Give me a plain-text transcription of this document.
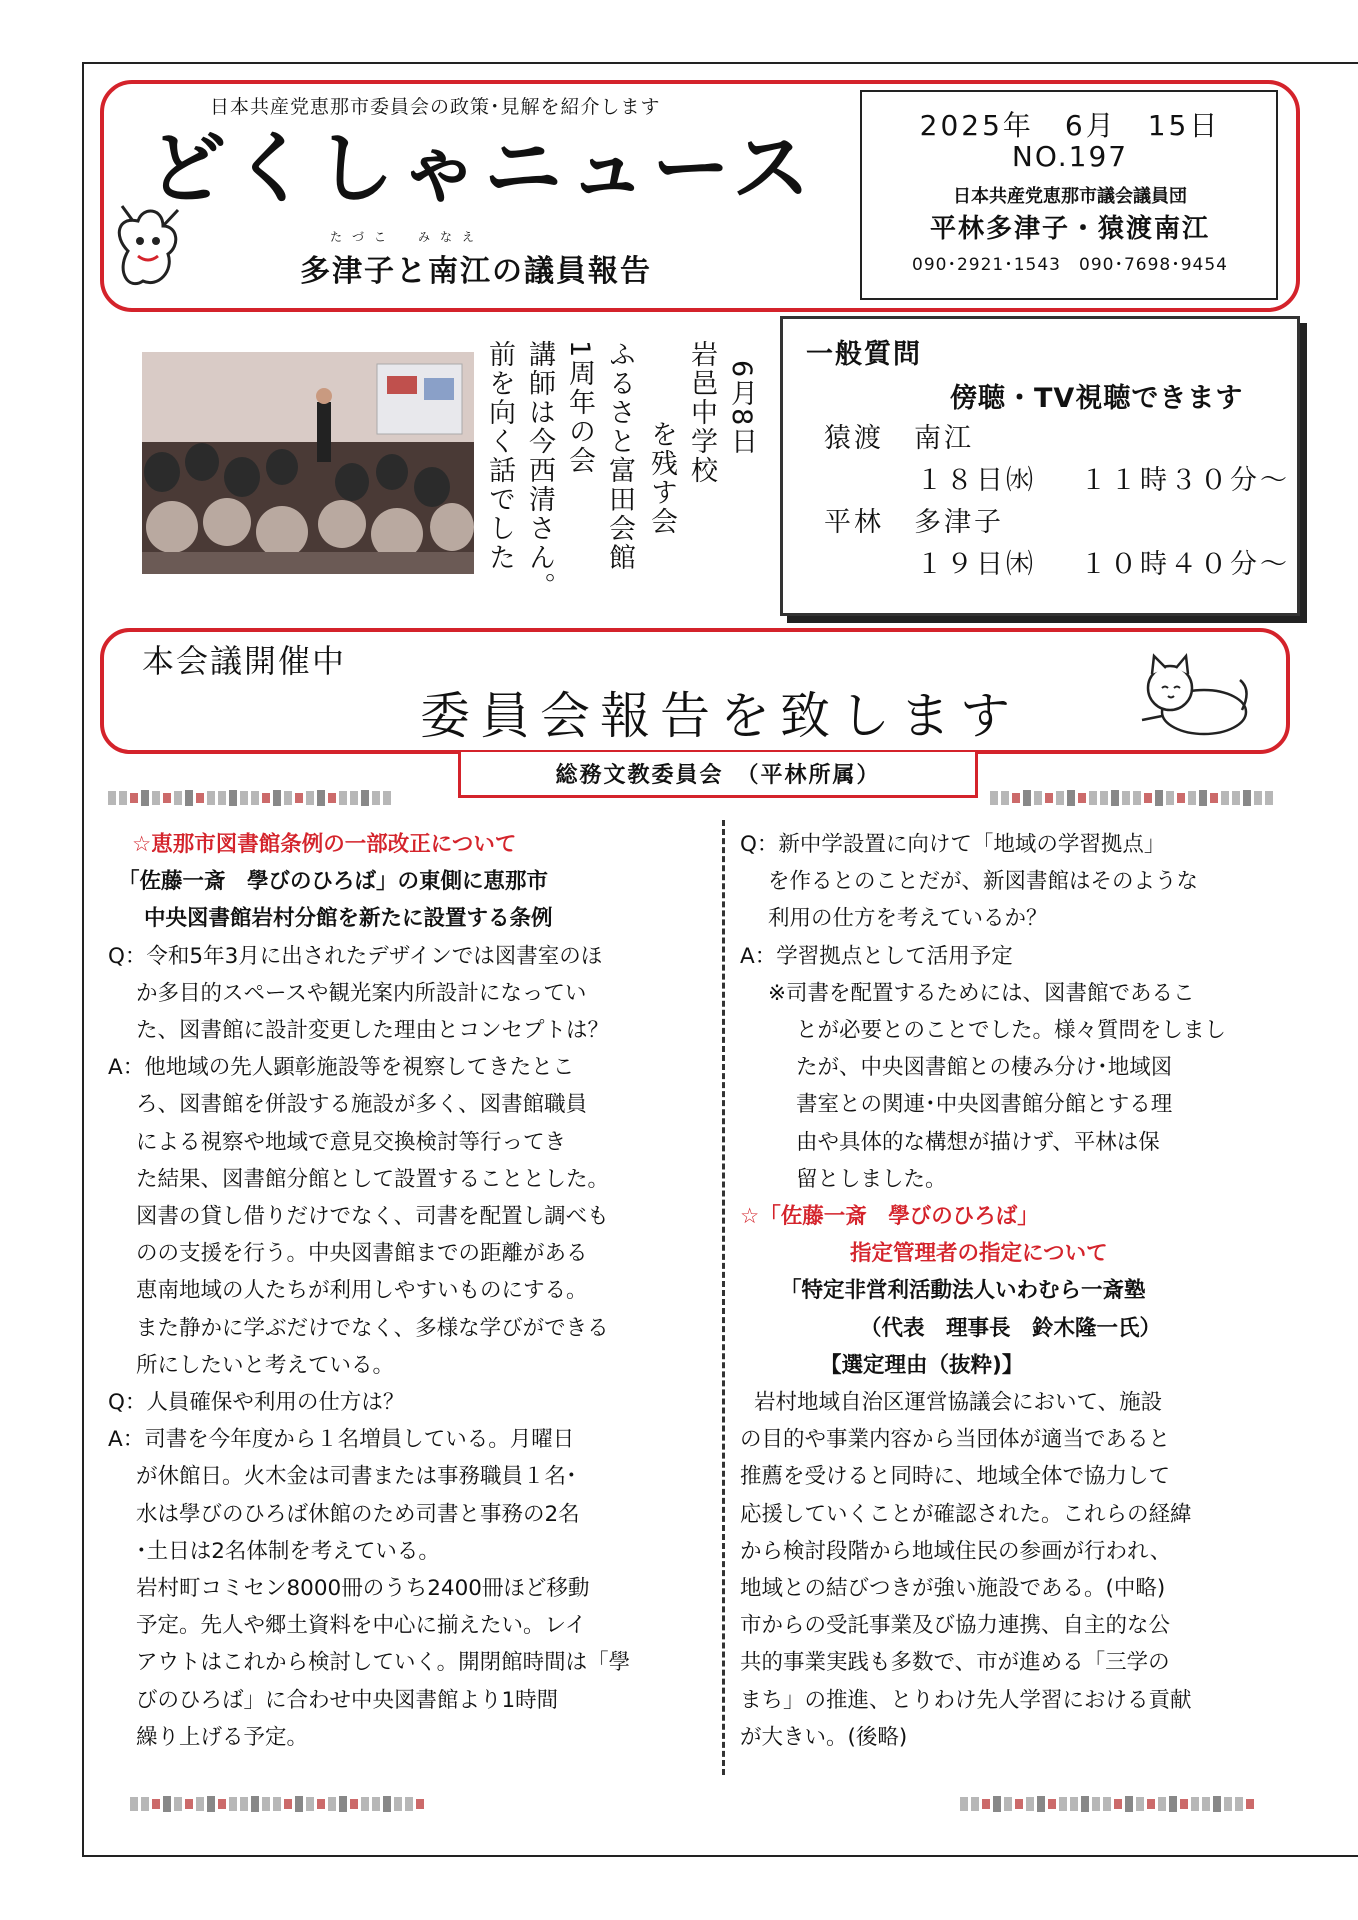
日本共産党恵那市委員会の政策･見解を紹介します
どくしゃニュース
たづこ　みなえ
多津子と南江の議員報告
2025年　6月　15日
NO.197
日本共産党恵那市議会議員団
平林多津子・猿渡南江
090･2921･1543　 090･7698･9454
6月8日
岩邑中学校
を残す会
ふるさと富田会館
1周年の会
講師は今西清さん。
前を向く話でした	一般質問
傍聴・TV視聴できます
猿渡　南江
１８日㈬ １１時３０分～
平林　多津子
１９日㈭ １０時４０分～
本会議開催中
委員会報告を致します
総務文教委員会　（平林所属）

☆恵那市図書館条例の一部改正について

「佐藤一斎　學びのひろば」の東側に恵那市

中央図書館岩村分館を新たに設置する条例

Q：令和5年3月に出されたデザインでは図書室のほ

か多目的スペースや観光案内所設計になってい

た、図書館に設計変更した理由とコンセプトは？

A：他地域の先人顕彰施設等を視察してきたとこ

ろ、図書館を併設する施設が多く、図書館職員

による視察や地域で意見交換検討等行ってき

た結果、図書館分館として設置することとした。

図書の貸し借りだけでなく、司書を配置し調べも

のの支援を行う。中央図書館までの距離がある

恵南地域の人たちが利用しやすいものにする。

また静かに学ぶだけでなく、多様な学びができる

所にしたいと考えている。

Q：人員確保や利用の仕方は？

A：司書を今年度から１名増員している。月曜日

が休館日。火木金は司書または事務職員１名･

水は學びのひろば休館のため司書と事務の2名

･土日は2名体制を考えている。

岩村町コミセン8000冊のうち2400冊ほど移動

予定。先人や郷土資料を中心に揃えたい。レイ

アウトはこれから検討していく。開閉館時間は「學

びのひろば」に合わせ中央図書館より1時間

繰り上げる予定。

Q：新中学設置に向けて「地域の学習拠点」

を作るとのことだが、新図書館はそのような

利用の仕方を考えているか？

A：学習拠点として活用予定

※司書を配置するためには、図書館であるこ

とが必要とのことでした。様々質問をしまし

たが、中央図書館との棲み分け･地域図

書室との関連･中央図書館分館とする理

由や具体的な構想が描けず、平林は保

留としました。

☆「佐藤一斎　學びのひろば」

指定管理者の指定について

「特定非営利活動法人いわむら一斎塾

（代表　理事長　鈴木隆一氏）

【選定理由（抜粋)】

岩村地域自治区運営協議会において、施設

の目的や事業内容から当団体が適当であると

推薦を受けると同時に、地域全体で協力して

応援していくことが確認された。これらの経緯

から検討段階から地域住民の参画が行われ、

地域との結びつきが強い施設である。(中略)

市からの受託事業及び協力連携、自主的な公

共的事業実践も多数で、市が進める「三学の

まち」の推進、とりわけ先人学習における貢献

が大きい。(後略)
